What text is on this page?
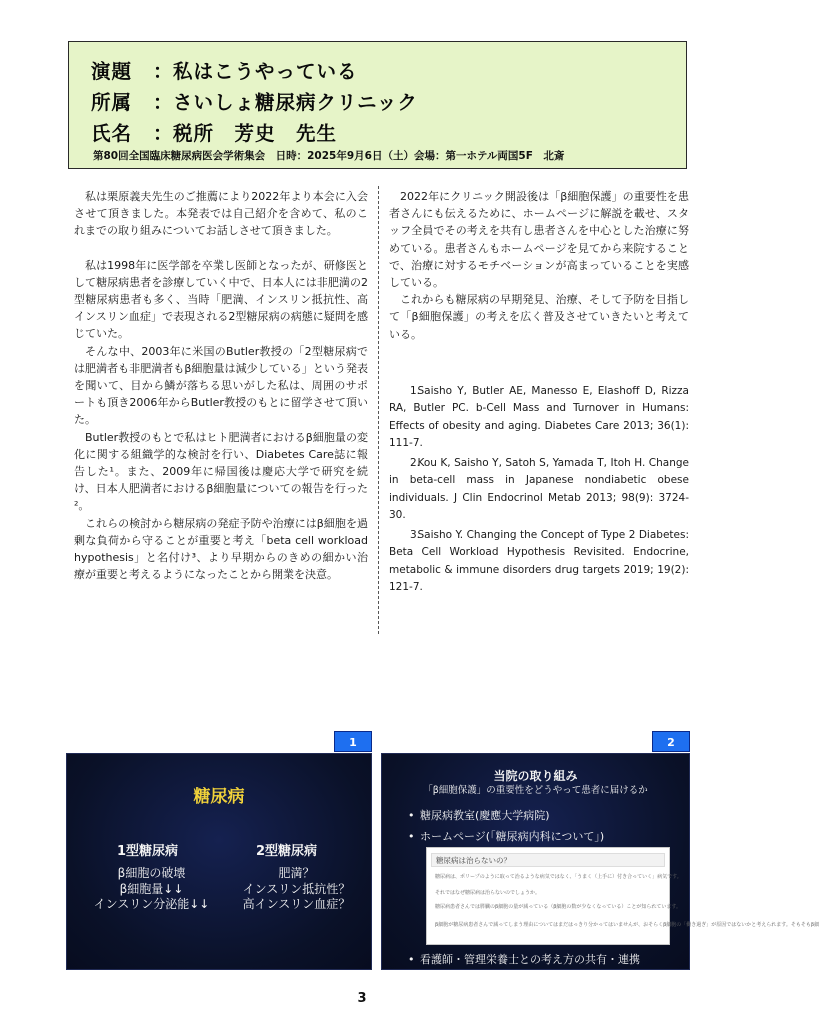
演題 ：私はこうやっている
所属 ：さいしょ糖尿病クリニック
氏名 ：税所　芳史　先生
第80回全国臨床糖尿病医会学術集会　日時：2025年9月6日（土）会場：第一ホテル両国5F　北斎

私は栗原義夫先生のご推薦により2022年より本会に入会させて頂きました。本発表では自己紹介を含めて、私のこれまでの取り組みについてお話しさせて頂きました。

私は1998年に医学部を卒業し医師となったが、研修医として糖尿病患者を診療していく中で、日本人には非肥満の2型糖尿病患者も多く、当時「肥満、インスリン抵抗性、高インスリン血症」で表現される2型糖尿病の病態に疑問を感じていた。

そんな中、2003年に米国のButler教授の「2型糖尿病では肥満者も非肥満者もβ細胞量は減少している」という発表を聞いて、目から鱗が落ちる思いがした私は、周囲のサポートも頂き2006年からButler教授のもとに留学させて頂いた。

Butler教授のもとで私はヒト肥満者におけるβ細胞量の変化に関する組織学的な検討を行い、Diabetes Care誌に報告した¹。また、2009年に帰国後は慶応大学で研究を続け、日本人肥満者におけるβ細胞量についての報告を行った²。

これらの検討から糖尿病の発症予防や治療にはβ細胞を過剰な負荷から守ることが重要と考え「beta cell workload hypothesis」と名付け³、より早期からのきめの細かい治療が重要と考えるようになったことから開業を決意。

2022年にクリニック開設後は「β細胞保護」の重要性を患者さんにも伝えるために、ホームページに解説を載せ、スタッフ全員でその考えを共有し患者さんを中心とした治療に努めている。患者さんもホームページを見てから来院することで、治療に対するモチベーションが高まっていることを実感している。

これからも糖尿病の早期発見、治療、そして予防を目指して「β細胞保護」の考えを広く普及させていきたいと考えている。

1.Saisho Y, Butler AE, Manesso E, Elashoff D, Rizza RA, Butler PC. b-Cell Mass and Turnover in Humans: Effects of obesity and aging. Diabetes Care 2013; 36(1): 111-7.

2.Kou K, Saisho Y, Satoh S, Yamada T, Itoh H. Change in beta-cell mass in Japanese nondiabetic obese individuals. J Clin Endocrinol Metab 2013; 98(9): 3724-30.

3.Saisho Y. Changing the Concept of Type 2 Diabetes: Beta Cell Workload Hypothesis Revisited. Endocrine, metabolic & immune disorders drug targets 2019; 19(2): 121-7.

1
糖尿病
1型糖尿病	2型糖尿病
β細胞の破壊
β細胞量↓↓
インスリン分泌能↓↓
肥満？
インスリン抵抗性？
高インスリン血症？
2
当院の取り組み
「β細胞保護」の重要性をどうやって患者に届けるか
• 糖尿病教室(慶應大学病院)
• ホームページ(「糖尿病内科について」)
糖尿病は治らないの？
糖尿病は、ポリープのように取って治るような病気ではなく、「うまく（上手に）付き合っていく」病気です。
それではなぜ糖尿病は治らないのでしょうか。
糖尿病患者さんでは膵臓のβ細胞の量が減っている（β細胞の数が少なくなっている）ことが知られています。
β細胞が糖尿病患者さんで減ってしまう理由についてはまだはっきり分かってはいませんが、おそらくβ細胞の「働き過ぎ」が原因ではないかと考えられます。そもそもβ細
• 看護師・管理栄養士との考え方の共有・連携
3
